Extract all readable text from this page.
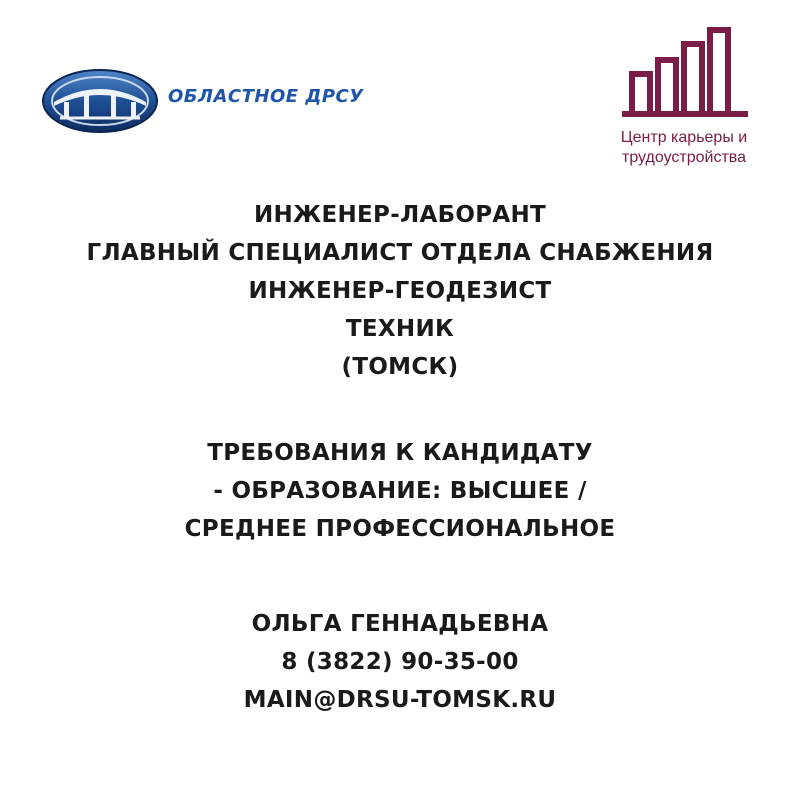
ОБЛАСТНОЕ ДРСУ
Центр карьеры и
трудоустройства
ИНЖЕНЕР-ЛАБОРАНТ
ГЛАВНЫЙ СПЕЦИАЛИСТ ОТДЕЛА СНАБЖЕНИЯ
ИНЖЕНЕР-ГЕОДЕЗИСТ
ТЕХНИК
(ТОМСК)
ТРЕБОВАНИЯ К КАНДИДАТУ
- ОБРАЗОВАНИЕ: ВЫСШЕЕ /
СРЕДНЕЕ ПРОФЕССИОНАЛЬНОЕ
ОЛЬГА ГЕННАДЬЕВНА
8 (3822) 90-35-00
MAIN@DRSU-TOMSK.RU
